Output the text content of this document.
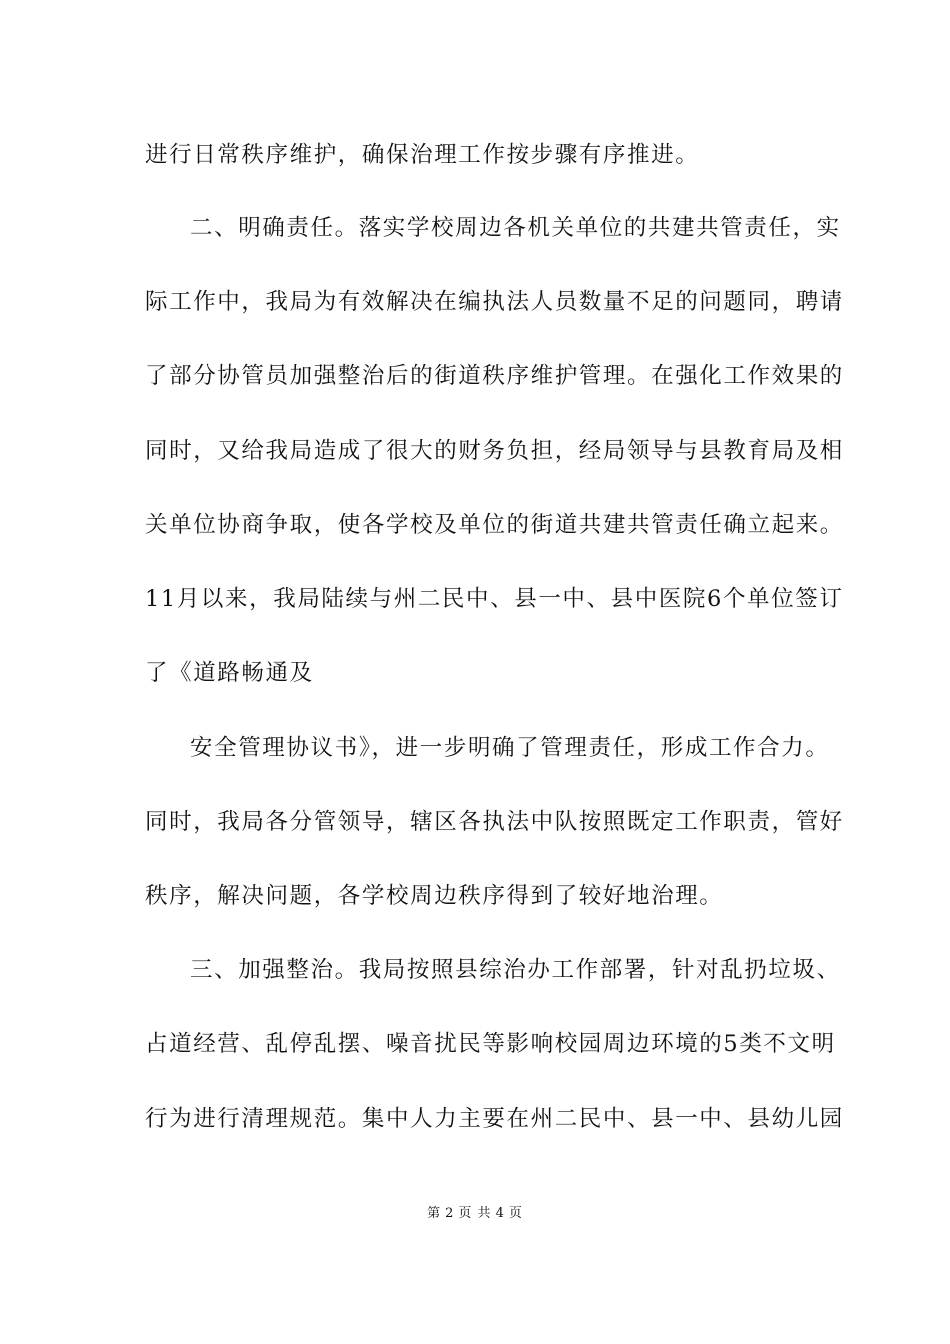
进行日常秩序维护，确保治理工作按步骤有序推进。
二、明确责任。落实学校周边各机关单位的共建共管责任，实
际工作中，我局为有效解决在编执法人员数量不足的问题同，聘请
了部分协管员加强整治后的街道秩序维护管理。在强化工作效果的
同时，又给我局造成了很大的财务负担，经局领导与县教育局及相
关单位协商争取，使各学校及单位的街道共建共管责任确立起来。
11月以来，我局陆续与州二民中、县一中、县中医院6个单位签订
了《道路畅通及
安全管理协议书》，进一步明确了管理责任，形成工作合力。
同时，我局各分管领导，辖区各执法中队按照既定工作职责，管好
秩序，解决问题，各学校周边秩序得到了较好地治理。
三、加强整治。我局按照县综治办工作部署，针对乱扔垃圾、
占道经营、乱停乱摆、噪音扰民等影响校园周边环境的5类不文明
行为进行清理规范。集中人力主要在州二民中、县一中、县幼儿园
第 2 页 共 4 页
